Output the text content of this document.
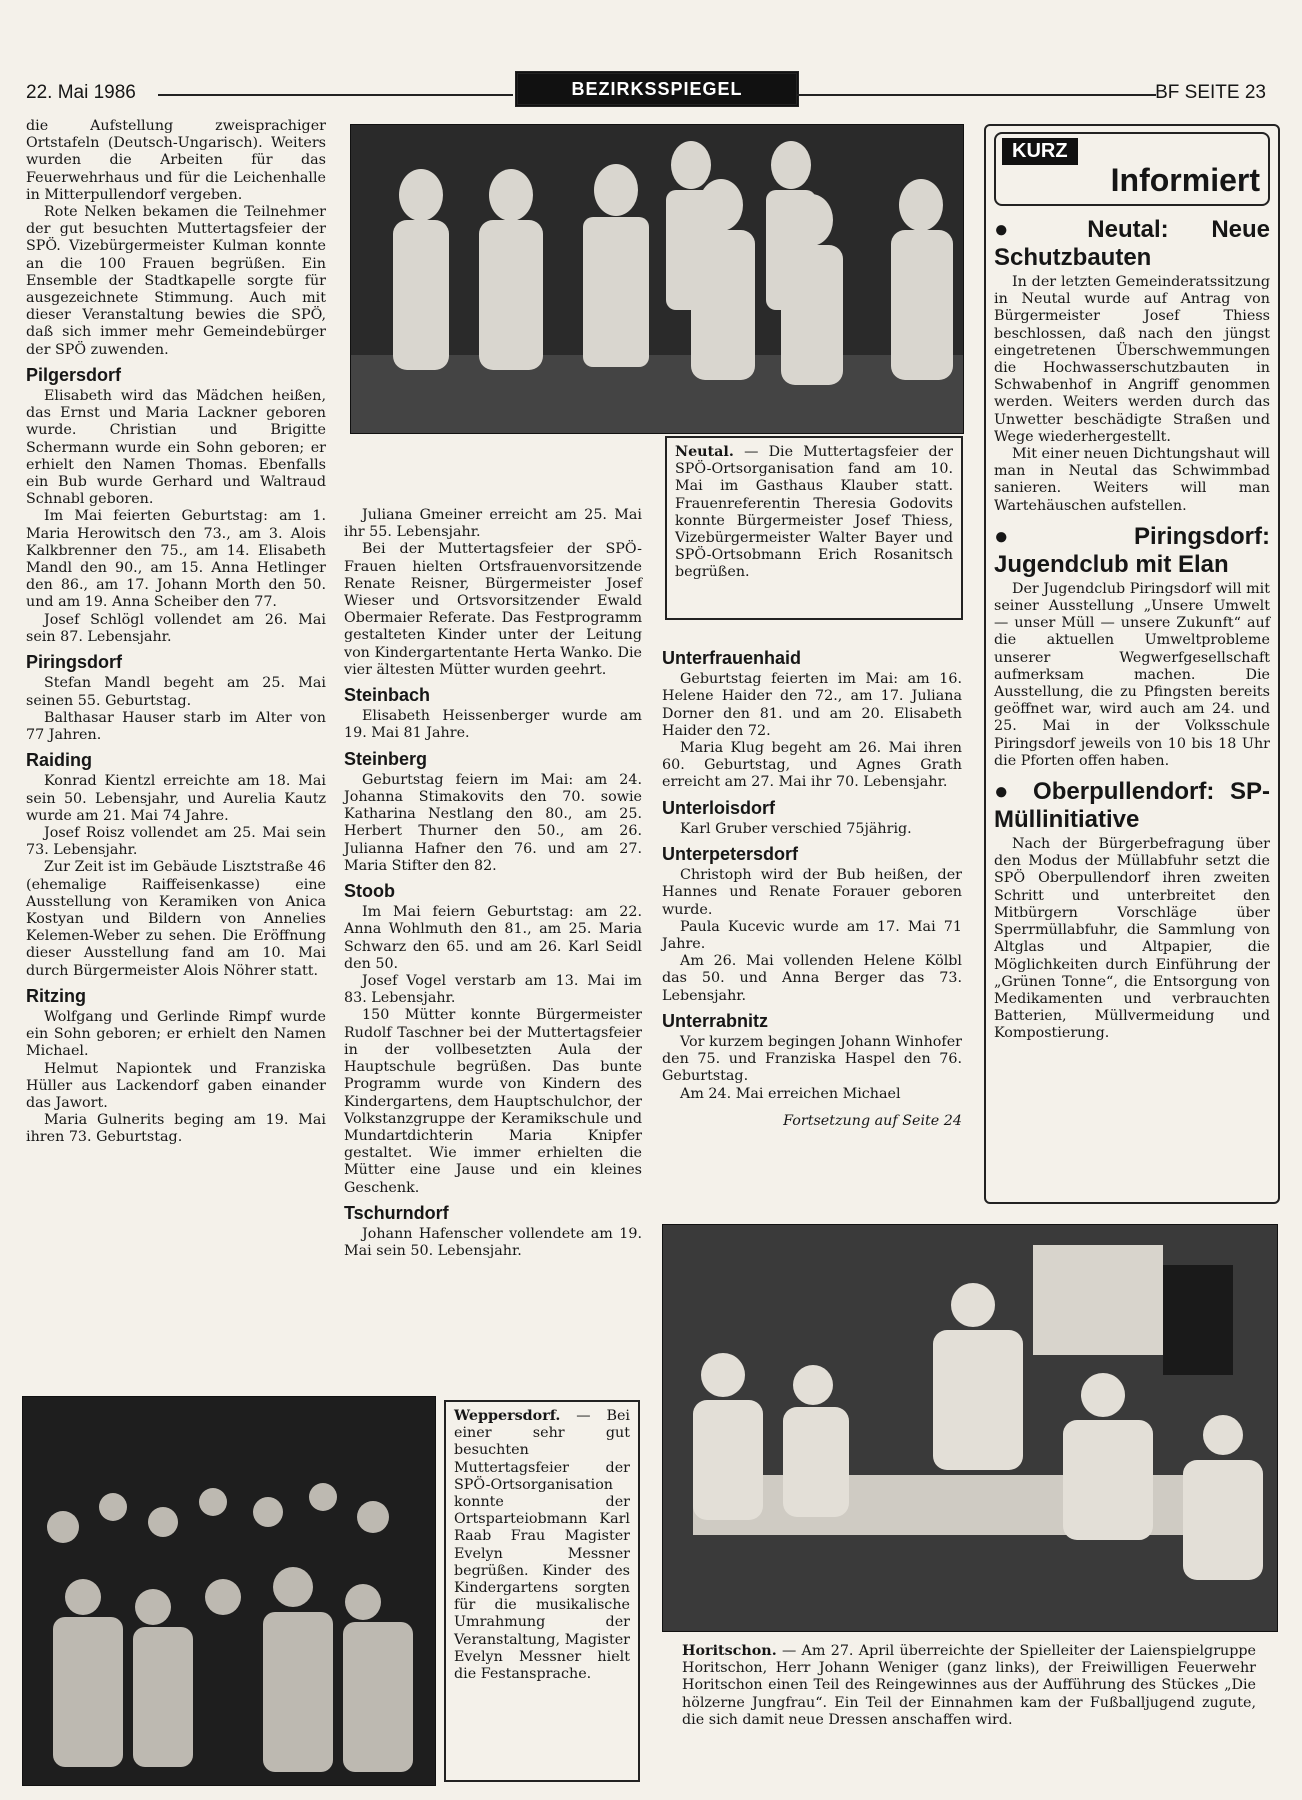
22. Mai 1986	BEZIRKSSPIEGEL	BF SEITE 23

die Aufstellung zweisprachiger Ortstafeln (Deutsch-Ungarisch). Weiters wurden die Arbeiten für das Feuerwehrhaus und für die Leichenhalle in Mitterpullendorf vergeben.

Rote Nelken bekamen die Teilnehmer der gut besuchten Muttertagsfeier der SPÖ. Vizebürgermeister Kulman konnte an die 100 Frauen begrüßen. Ein Ensemble der Stadtkapelle sorgte für ausgezeichnete Stimmung. Auch mit dieser Veranstaltung bewies die SPÖ, daß sich immer mehr Gemeindebürger der SPÖ zuwenden.

Pilgersdorf

Elisabeth wird das Mädchen heißen, das Ernst und Maria Lackner geboren wurde. Christian und Brigitte Schermann wurde ein Sohn geboren; er erhielt den Namen Thomas. Ebenfalls ein Bub wurde Gerhard und Waltraud Schnabl geboren.

Im Mai feierten Geburtstag: am 1. Maria Herowitsch den 73., am 3. Alois Kalkbrenner den 75., am 14. Elisabeth Mandl den 90., am 15. Anna Hetlinger den 86., am 17. Johann Morth den 50. und am 19. Anna Scheiber den 77.

Josef Schlögl vollendet am 26. Mai sein 87. Lebensjahr.

Piringsdorf

Stefan Mandl begeht am 25. Mai seinen 55. Geburtstag.

Balthasar Hauser starb im Alter von 77 Jahren.

Raiding

Konrad Kientzl erreichte am 18. Mai sein 50. Lebensjahr, und Aurelia Kautz wurde am 21. Mai 74 Jahre.

Josef Roisz vollendet am 25. Mai sein 73. Lebensjahr.

Zur Zeit ist im Gebäude Lisztstraße 46 (ehemalige Raiffeisenkasse) eine Ausstellung von Keramiken von Anica Kostyan und Bildern von Annelies Kelemen-Weber zu sehen. Die Eröffnung dieser Ausstellung fand am 10. Mai durch Bürgermeister Alois Nöhrer statt.

Ritzing

Wolfgang und Gerlinde Rimpf wurde ein Sohn geboren; er erhielt den Namen Michael.

Helmut Napiontek und Franziska Hüller aus Lackendorf gaben einander das Jawort.

Maria Gulnerits beging am 19. Mai ihren 73. Geburtstag.

Juliana Gmeiner erreicht am 25. Mai ihr 55. Lebensjahr.

Bei der Muttertagsfeier der SPÖ-Frauen hielten Ortsfrauenvorsitzende Renate Reisner, Bürgermeister Josef Wieser und Ortsvorsitzender Ewald Obermaier Referate. Das Festprogramm gestalteten Kinder unter der Leitung von Kindergartentante Herta Wanko. Die vier ältesten Mütter wurden geehrt.

Steinbach

Elisabeth Heissenberger wurde am 19. Mai 81 Jahre.

Steinberg

Geburtstag feiern im Mai: am 24. Johanna Stimakovits den 70. sowie Katharina Nestlang den 80., am 25. Herbert Thurner den 50., am 26. Julianna Hafner den 76. und am 27. Maria Stifter den 82.

Stoob

Im Mai feiern Geburtstag: am 22. Anna Wohlmuth den 81., am 25. Maria Schwarz den 65. und am 26. Karl Seidl den 50.

Josef Vogel verstarb am 13. Mai im 83. Lebensjahr.

150 Mütter konnte Bürgermeister Rudolf Taschner bei der Muttertagsfeier in der vollbesetzten Aula der Hauptschule begrüßen. Das bunte Programm wurde von Kindern des Kindergartens, dem Hauptschulchor, der Volkstanzgruppe der Keramikschule und Mundartdichterin Maria Knipfer gestaltet. Wie immer erhielten die Mütter eine Jause und ein kleines Geschenk.

Tschurndorf

Johann Hafenscher vollendete am 19. Mai sein 50. Lebensjahr.

Neutal. — Die Muttertagsfeier der SPÖ-Ortsorganisation fand am 10. Mai im Gasthaus Klauber statt. Frauenreferentin Theresia Godovits konnte Bürgermeister Josef Thiess, Vizebürgermeister Walter Bayer und SPÖ-Ortsobmann Erich Rosanitsch begrüßen.
Unterfrauenhaid

Geburtstag feierten im Mai: am 16. Helene Haider den 72., am 17. Juliana Dorner den 81. und am 20. Elisabeth Haider den 72.

Maria Klug begeht am 26. Mai ihren 60. Geburtstag, und Agnes Grath erreicht am 27. Mai ihr 70. Lebensjahr.

Unterloisdorf

Karl Gruber verschied 75jährig.

Unterpetersdorf

Christoph wird der Bub heißen, der Hannes und Renate Forauer geboren wurde.

Paula Kucevic wurde am 17. Mai 71 Jahre.

Am 26. Mai vollenden Helene Kölbl das 50. und Anna Berger das 73. Lebensjahr.

Unterrabnitz

Vor kurzem begingen Johann Winhofer den 75. und Franziska Haspel den 76. Geburtstag.

Am 24. Mai erreichen Michael

Fortsetzung auf Seite 24
KURZ
Informiert
● Neutal: Neue Schutzbauten

In der letzten Gemeinderatssitzung in Neutal wurde auf Antrag von Bürgermeister Josef Thiess beschlossen, daß nach den jüngst eingetretenen Überschwemmungen die Hochwasserschutzbauten in Schwabenhof in Angriff genommen werden. Weiters werden durch das Unwetter beschädigte Straßen und Wege wiederhergestellt.

Mit einer neuen Dichtungshaut will man in Neutal das Schwimmbad sanieren. Weiters will man Wartehäuschen aufstellen.

● Piringsdorf: Jugendclub mit Elan

Der Jugendclub Piringsdorf will mit seiner Ausstellung „Unsere Umwelt — unser Müll — unsere Zukunft“ auf die aktuellen Umweltprobleme unserer Wegwerfgesellschaft aufmerksam machen. Die Ausstellung, die zu Pfingsten bereits geöffnet war, wird auch am 24. und 25. Mai in der Volksschule Piringsdorf jeweils von 10 bis 18 Uhr die Pforten offen haben.

● Oberpullendorf: SP-Müllinitiative

Nach der Bürgerbefragung über den Modus der Müllabfuhr setzt die SPÖ Oberpullendorf ihren zweiten Schritt und unterbreitet den Mitbürgern Vorschläge über Sperrmüllabfuhr, die Sammlung von Altglas und Altpapier, die Möglichkeiten durch Einführung der „Grünen Tonne“, die Entsorgung von Medikamenten und verbrauchten Batterien, Müllvermeidung und Kompostierung.

Weppersdorf. — Bei einer sehr gut besuchten Muttertagsfeier der SPÖ-Ortsorganisation konnte der Ortsparteiobmann Karl Raab Frau Magister Evelyn Messner begrüßen. Kinder des Kindergartens sorgten für die musikalische Umrahmung der Veranstaltung, Magister Evelyn Messner hielt die Festansprache.
Horitschon. — Am 27. April überreichte der Spielleiter der Laienspielgruppe Horitschon, Herr Johann Weniger (ganz links), der Freiwilligen Feuerwehr Horitschon einen Teil des Reingewinnes aus der Aufführung des Stückes „Die hölzerne Jungfrau“. Ein Teil der Einnahmen kam der Fußballjugend zugute, die sich damit neue Dressen anschaffen wird.
